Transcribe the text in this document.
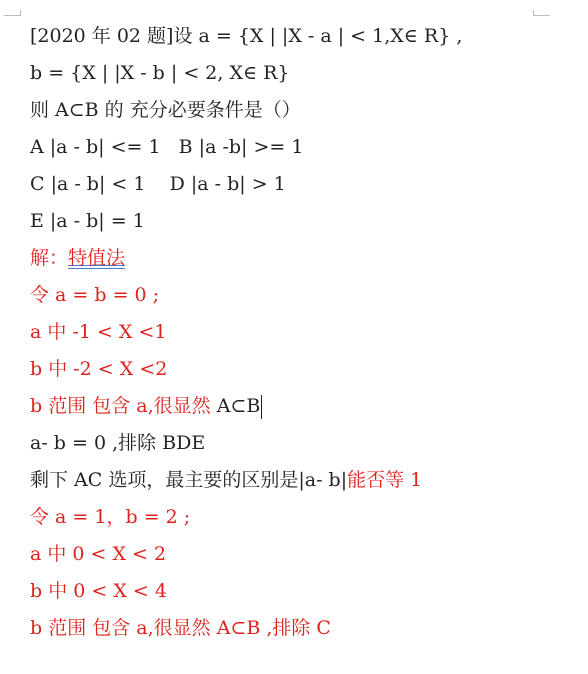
[2020 年 02 题]设 a = {X | |X - a | < 1,X∈ R} ,
b = {X | |X - b | < 2, X∈ R}
则 A⊂B 的 充分必要条件是（）
A |a - b| <= 1   B |a -b| >= 1
C |a - b| < 1    D |a - b| > 1
E |a - b| = 1
解：特值法
令 a = b = 0 ;
a 中 -1 < X <1
b 中 -2 < X <2
b 范围 包含 a,很显然 A⊂B
a- b = 0 ,排除 BDE
剩下 AC 选项，最主要的区别是|a- b|能否等 1
令 a = 1，b = 2 ;
a 中 0 < X < 2
b 中 0 < X < 4
b 范围 包含 a,很显然 A⊂B ,排除 C
